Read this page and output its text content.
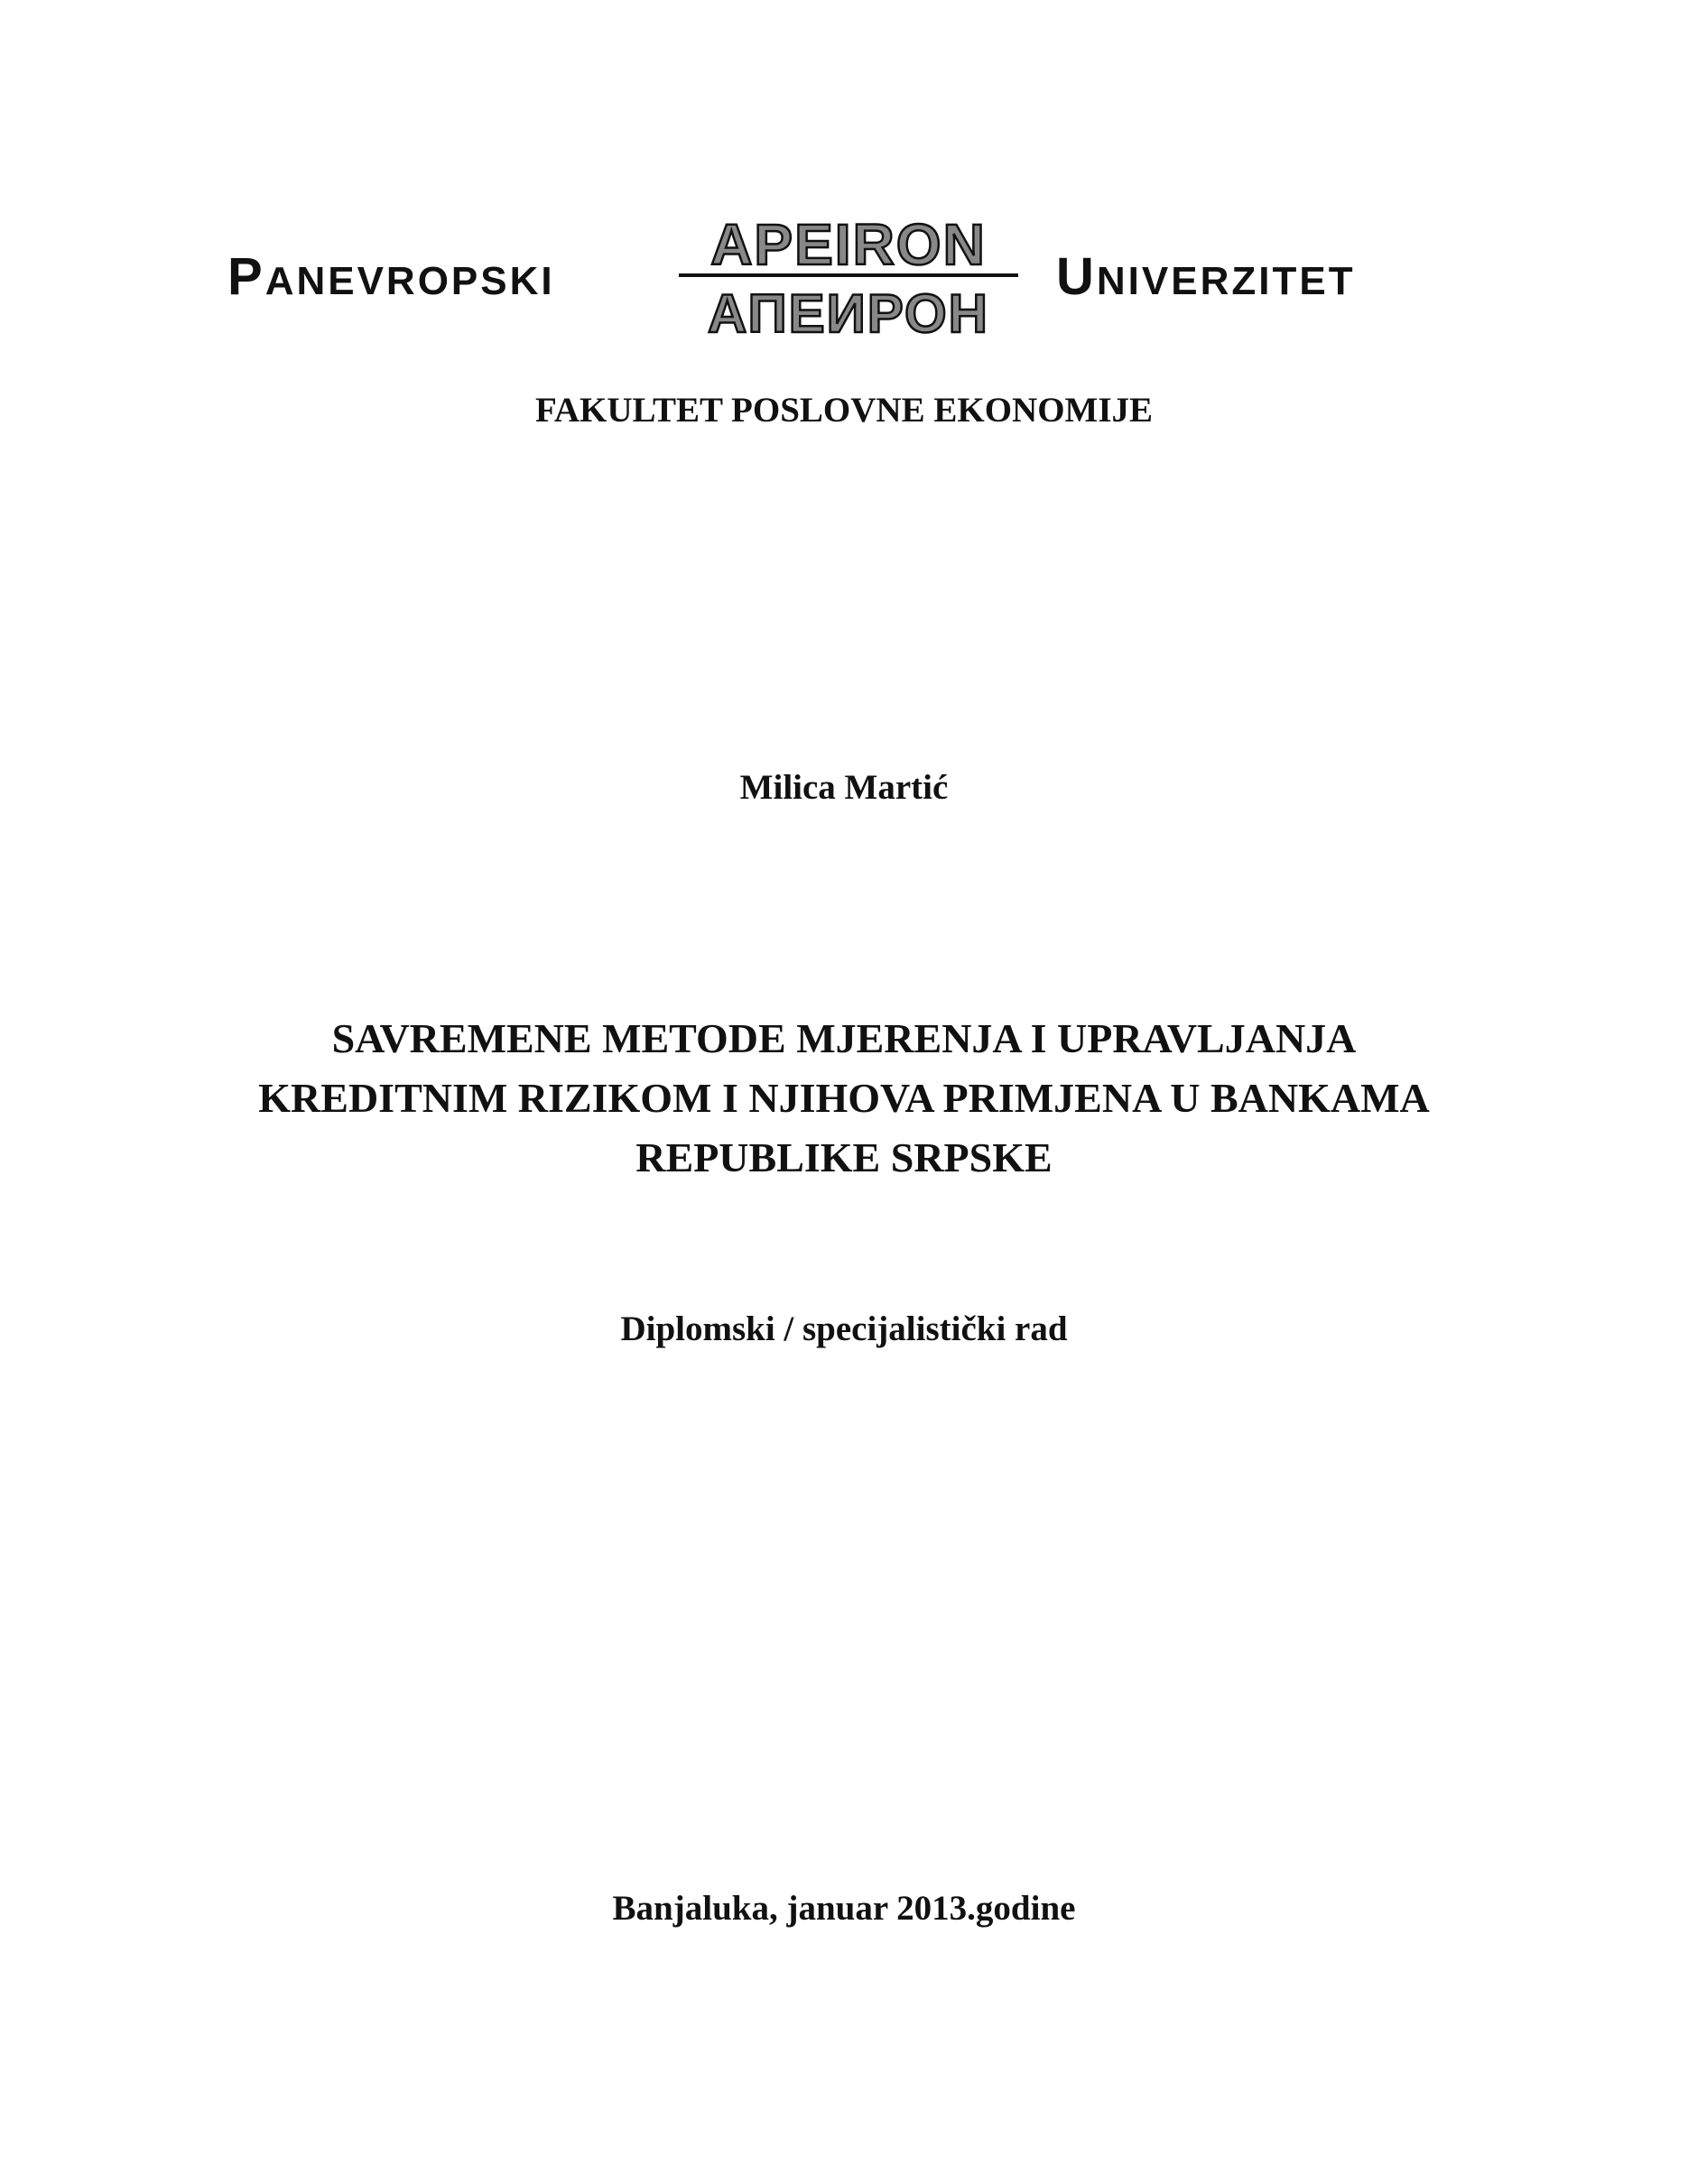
PANEVROPSKI
APEIRON
АПЕИРОН
UNIVERZITET
FAKULTET POSLOVNE EKONOMIJE
Milica Martić
SAVREMENE METODE MJERENJA I UPRAVLJANJA
KREDITNIM RIZIKOM I NJIHOVA PRIMJENA U BANKAMA
REPUBLIKE SRPSKE
Diplomski / specijalistički rad
Banjaluka, januar 2013.godine
